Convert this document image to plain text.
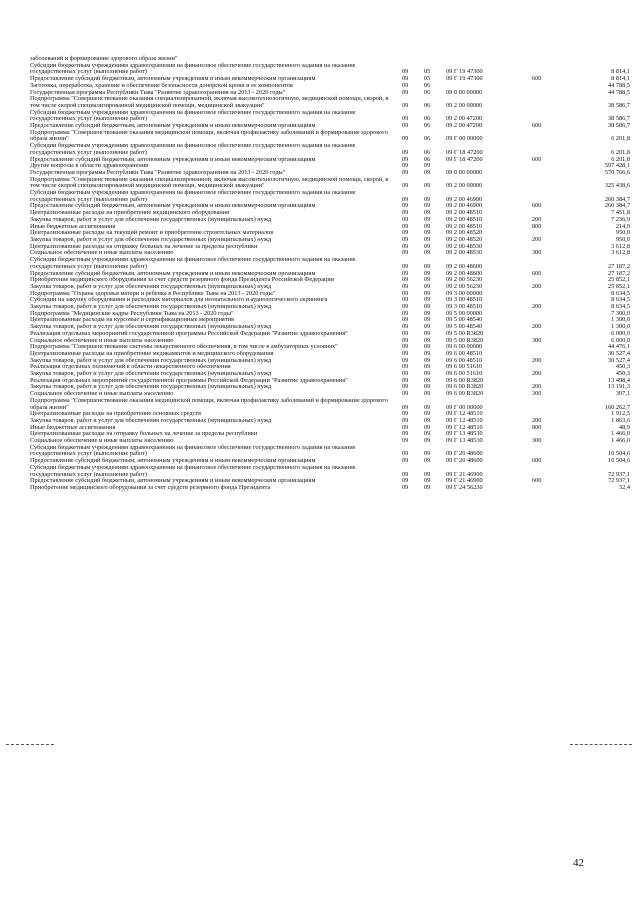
заболеваний и формирование здорового образа жизни"
Субсидии бюджетным учреждениям здравоохранения на финансовое обеспечение государственного задания на оказание государственных услуг (выполнение работ)	09	05	09 Г 19 47300	8 814,1
Предоставление субсидий бюджетным, автономным учреждениям и иным некоммерческим организациям	09	05	09 Г 19 47300	600	8 814,1
Заготовка, переработка, хранение и обеспечение безопасности донорской крови и ее компонентов	09	06	44 788,5
Государственная программа Республики Тыва "Развитие здравоохранения на 2013 - 2020 годы"	09	06	09 0 00 00000	44 788,5
Подпрограмма "Совершенствование оказания специализированной, включая высокотехнологичную, медицинской помощи, скорой, в том числе скорой специализированной медицинской помощи, медицинской эвакуации"	09	06	09 2 00 00000	38 586,7
Субсидии бюджетным учреждениям здравоохранения на финансовое обеспечение государственного задания на оказание государственных услуг (выполнение работ)	09	06	09 2 00 47200	38 586,7
Предоставление субсидий бюджетным, автономным учреждениям и иным некоммерческим организациям	09	06	09 2 00 47200	600	38 586,7
Подпрограмма "Совершенствование оказания медицинской помощи, включая профилактику заболеваний и формирование здорового образа жизни"	09	06	09 Г 00 00000	6 201,8
Субсидии бюджетным учреждениям здравоохранения на финансовое обеспечение государственного задания на оказание государственных услуг (выполнение работ)	09	06	09 Г 18 47200	6 201,8
Предоставление субсидий бюджетным, автономным учреждениям и иным некоммерческим организациям	09	06	09 Г 18 47200	600	6 201,8
Другие вопросы в области здравоохранения	09	09	597 428,1
Государственная программа Республики Тыва "Развитие здравоохранения на 2013 - 2020 годы"	09	09	09 0 00 00000	570 766,6
Подпрограмма "Совершенствование оказания специализированной, включая высокотехнологичную, медицинской помощи, скорой, в том числе скорой специализированной медицинской помощи, медицинской эвакуации"	09	09	09 2 00 00000	325 438,6
Субсидии бюджетным учреждениям здравоохранения на финансовое обеспечение государственного задания на оказание государственных услуг (выполнение работ)	09	09	09 2 00 46900	260 384,7
Предоставление субсидий бюджетным, автономным учреждениям и иным некоммерческим организациям	09	09	09 2 00 46900	600	260 384,7
Централизованные расходы на приобретение медицинского оборудования	09	09	09 2 00 48510	7 451,8
Закупка товаров, работ и услуг для обеспечения государственных (муниципальных) нужд	09	09	09 2 00 48510	200	7 236,9
Иные бюджетные ассигнования	09	09	09 2 00 48510	800	214,9
Централизованные расходы на текущий ремонт и приобретение строительных материалов	09	09	09 2 00 48520	950,0
Закупка товаров, работ и услуг для обеспечения государственных (муниципальных) нужд	09	09	09 2 00 48520	200	950,0
Централизованные расходы на отправку больных на лечение за пределы республики	09	09	09 2 00 48530	3 612,8
Социальное обеспечение и иные выплаты населению	09	09	09 2 00 48530	300	3 612,8
Субсидии бюджетным учреждениям здравоохранения на финансовое обеспечение государственного задания на оказание государственных услуг (выполнение работ)	09	09	09 2 00 48600	27 187,2
Предоставление субсидий бюджетным, автономным учреждениям и иным некоммерческим организациям	09	09	09 2 00 48600	600	27 187,2
Приобретение медицинского оборудования за счет средств резервного фонда Президента Российской Федерации	09	09	09 2 00 56230	25 852,1
Закупка товаров, работ и услуг для обеспечения государственных (муниципальных) нужд	09	09	09 2 00 56230	200	25 852,1
Подпрограмма "Охрана здоровья матери и ребенка в Республике Тыва на 2013 - 2020 годы"	09	09	09 3 00 00000	8 634,5
Субсидии на закупку оборудования и расходных материалов для неонатального и аудиологического скрининга	09	09	09 3 00 48510	8 634,5
Закупка товаров, работ и услуг для обеспечения государственных (муниципальных) нужд	09	09	09 3 00 48510	200	8 634,5
Подпрограмма "Медицинские кадры Республики Тыва на 2013 - 2020 годы"	09	09	09 5 00 00000	7 300,0
Централизованные расходы на курсовые и сертификационные мероприятия	09	09	09 5 00 48540	1 300,0
Закупка товаров, работ и услуг для обеспечения государственных (муниципальных) нужд	09	09	09 5 00 48540	200	1 300,0
Реализация отдельных мероприятий государственной программы Российской Федерации "Развитие здравоохранения"	09	09	09 5 00 R3820	6 000,0
Социальное обеспечение и иные выплаты населению	09	09	09 5 00 R3820	300	6 000,0
Подпрограмма "Совершенствование системы лекарственного обеспечения, в том числе в амбулаторных условиях"	09	09	09 6 00 00000	44 476,1
Централизованные расходы на приобретение медикаментов и медицинского оборудования	09	09	09 6 00 48510	30 527,4
Закупка товаров, работ и услуг для обеспечения государственных (муниципальных) нужд	09	09	09 6 00 48510	200	30 527,4
Реализация отдельных полномочий в области лекарственного обеспечения	09	09	09 6 00 51610	450,3
Закупка товаров, работ и услуг для обеспечения государственных (муниципальных) нужд	09	09	09 6 00 51610	200	450,3
Реализация отдельных мероприятий государственной программы Российской Федерации "Развитие здравоохранения"	09	09	09 6 00 R3820	13 498,4
Закупка товаров, работ и услуг для обеспечения государственных (муниципальных) нужд	09	09	09 6 00 R3820	200	13 191,3
Социальное обеспечение и иные выплаты населению	09	09	09 6 00 R3820	300	307,1
Подпрограмма "Совершенствование оказания медицинской помощи, включая профилактику заболеваний и формирование здорового образа жизни"	09	09	09 Г 00 00000	160 262,7
Централизованные расходы на приобретение основных средств	09	09	09 Г 12 48510	1 912,5
Закупка товаров, работ и услуг для обеспечения государственных (муниципальных) нужд	09	09	09 Г 12 48510	200	1 863,6
Иные бюджетные ассигнования	09	09	09 Г 12 48510	800	48,9
Централизованные расходы на отправку больных на лечение за пределы республики	09	09	09 Г 13 48530	1 466,0
Социальное обеспечение и иные выплаты населению	09	09	09 Г 13 48530	300	1 466,0
Субсидии бюджетным учреждениям здравоохранения на финансовое обеспечение государственного задания на оказание государственных услуг (выполнение работ)	09	09	09 Г 20 48600	10 504,6
Предоставление субсидий бюджетным, автономным учреждениям и иным некоммерческим организациям	09	09	09 Г 20 48600	600	10 504,6
Субсидии бюджетным учреждениям здравоохранения на финансовое обеспечение государственного задания на оказание государственных услуг (выполнение работ)	09	09	09 Г 21 46900	72 937,1
Предоставление субсидий бюджетным, автономным учреждениям и иным некоммерческим организациям	09	09	09 Г 21 46900	600	72 937,1
Приобретение медицинского оборудования за счет средств резервного фонда Президента	09	09	09 Г 24 56230	32,4
42
